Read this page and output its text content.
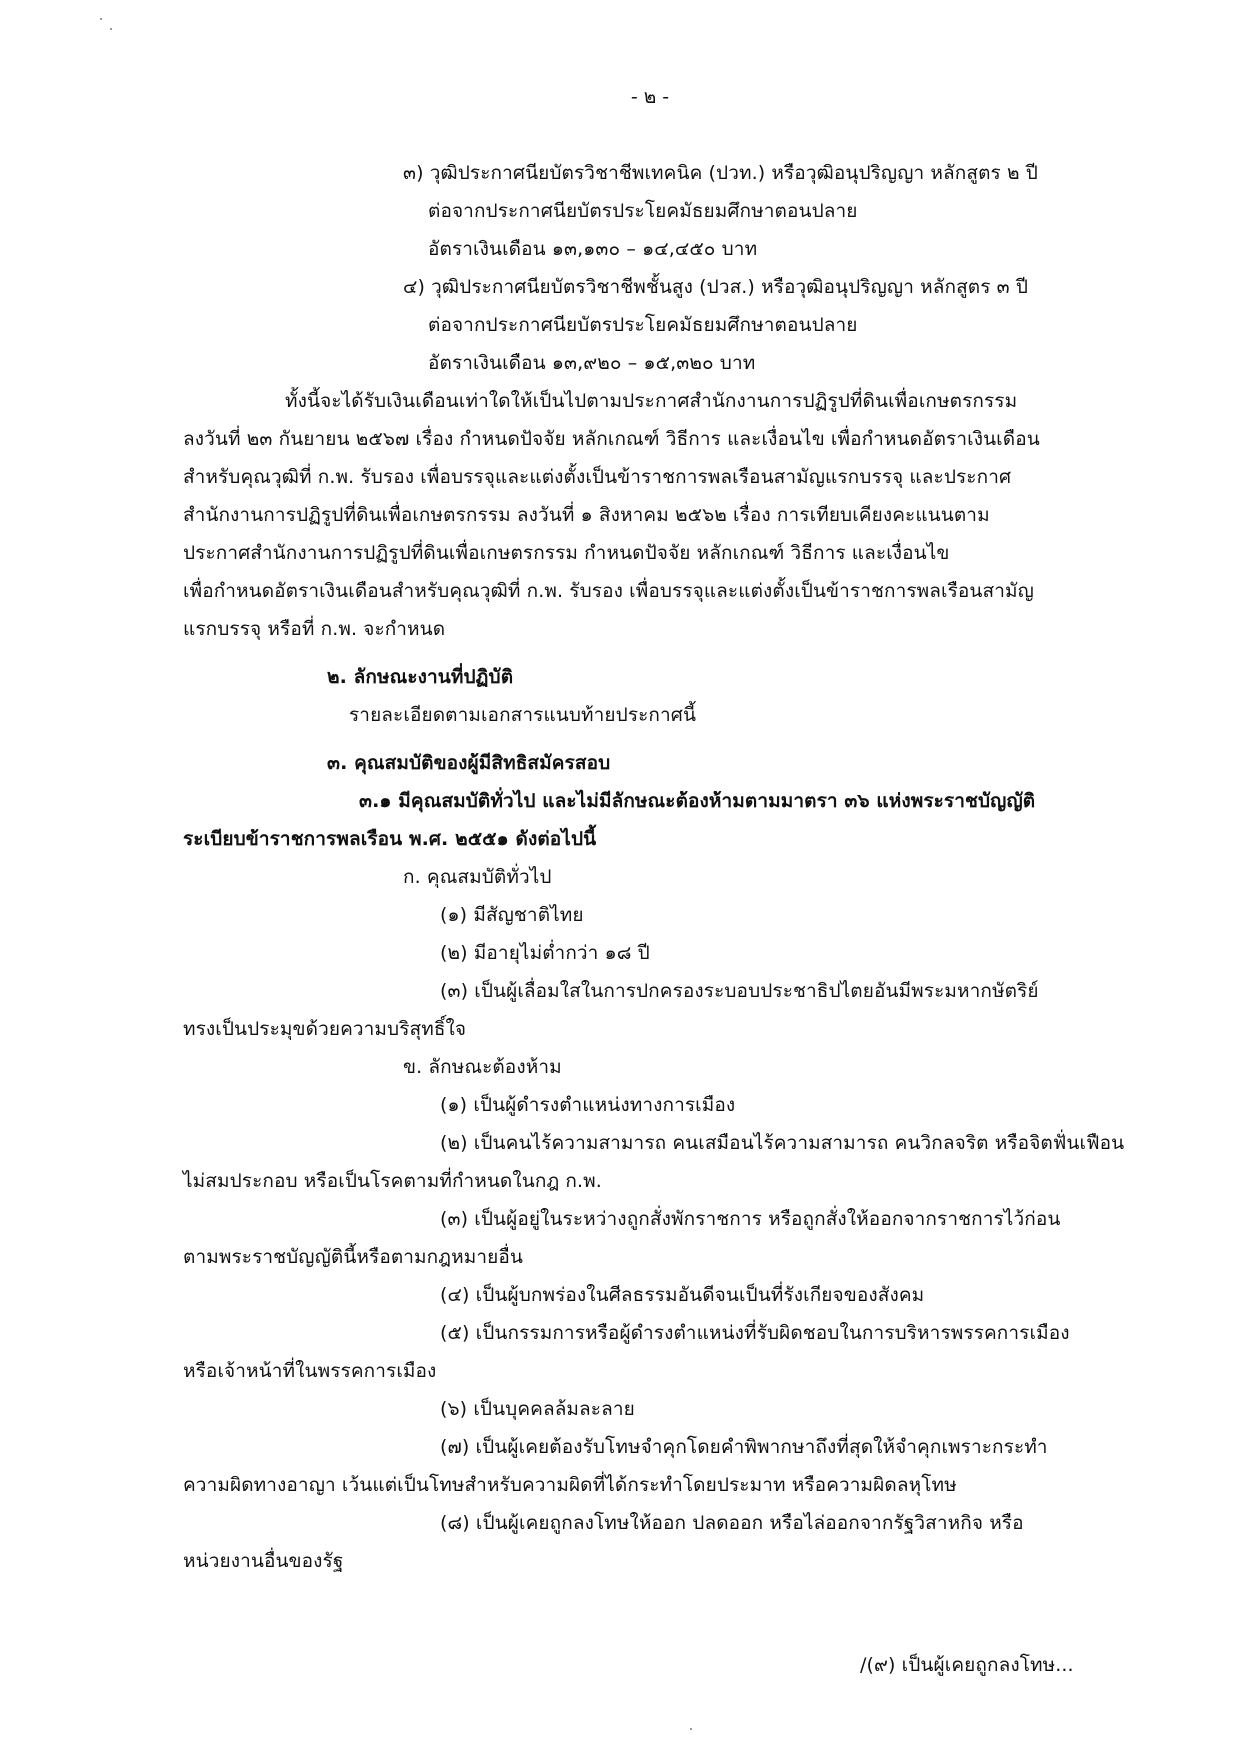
- ๒ -
๓) วุฒิประกาศนียบัตรวิชาชีพเทคนิค (ปวท.) หรือวุฒิอนุปริญญา หลักสูตร ๒ ปี
ต่อจากประกาศนียบัตรประโยคมัธยมศึกษาตอนปลาย
อัตราเงินเดือน ๑๓,๑๓๐ – ๑๔,๔๕๐ บาท
๔) วุฒิประกาศนียบัตรวิชาชีพชั้นสูง (ปวส.) หรือวุฒิอนุปริญญา หลักสูตร ๓ ปี
ต่อจากประกาศนียบัตรประโยคมัธยมศึกษาตอนปลาย
อัตราเงินเดือน ๑๓,๙๒๐ – ๑๕,๓๒๐ บาท
ทั้งนี้จะได้รับเงินเดือนเท่าใดให้เป็นไปตามประกาศสำนักงานการปฏิรูปที่ดินเพื่อเกษตรกรรม
ลงวันที่ ๒๓ กันยายน ๒๕๖๗ เรื่อง กำหนดปัจจัย หลักเกณฑ์ วิธีการ และเงื่อนไข เพื่อกำหนดอัตราเงินเดือน
สำหรับคุณวุฒิที่ ก.พ. รับรอง เพื่อบรรจุและแต่งตั้งเป็นข้าราชการพลเรือนสามัญแรกบรรจุ และประกาศ
สำนักงานการปฏิรูปที่ดินเพื่อเกษตรกรรม ลงวันที่ ๑ สิงหาคม ๒๕๖๒ เรื่อง การเทียบเคียงคะแนนตาม
ประกาศสำนักงานการปฏิรูปที่ดินเพื่อเกษตรกรรม กำหนดปัจจัย หลักเกณฑ์ วิธีการ และเงื่อนไข
เพื่อกำหนดอัตราเงินเดือนสำหรับคุณวุฒิที่ ก.พ. รับรอง เพื่อบรรจุและแต่งตั้งเป็นข้าราชการพลเรือนสามัญ
แรกบรรจุ หรือที่ ก.พ. จะกำหนด
๒. ลักษณะงานที่ปฏิบัติ
รายละเอียดตามเอกสารแนบท้ายประกาศนี้
๓. คุณสมบัติของผู้มีสิทธิสมัครสอบ
๓.๑ มีคุณสมบัติทั่วไป และไม่มีลักษณะต้องห้ามตามมาตรา ๓๖ แห่งพระราชบัญญัติ
ระเบียบข้าราชการพลเรือน พ.ศ. ๒๕๕๑ ดังต่อไปนี้
ก. คุณสมบัติทั่วไป
(๑) มีสัญชาติไทย
(๒) มีอายุไม่ต่ำกว่า ๑๘ ปี
(๓) เป็นผู้เลื่อมใสในการปกครองระบอบประชาธิปไตยอันมีพระมหากษัตริย์
ทรงเป็นประมุขด้วยความบริสุทธิ์ใจ
ข. ลักษณะต้องห้าม
(๑) เป็นผู้ดำรงตำแหน่งทางการเมือง
(๒) เป็นคนไร้ความสามารถ คนเสมือนไร้ความสามารถ คนวิกลจริต หรือจิตฟั่นเฟือน
ไม่สมประกอบ หรือเป็นโรคตามที่กำหนดในกฎ ก.พ.
(๓) เป็นผู้อยู่ในระหว่างถูกสั่งพักราชการ หรือถูกสั่งให้ออกจากราชการไว้ก่อน
ตามพระราชบัญญัตินี้หรือตามกฎหมายอื่น
(๔) เป็นผู้บกพร่องในศีลธรรมอันดีจนเป็นที่รังเกียจของสังคม
(๕) เป็นกรรมการหรือผู้ดำรงตำแหน่งที่รับผิดชอบในการบริหารพรรคการเมือง
หรือเจ้าหน้าที่ในพรรคการเมือง
(๖) เป็นบุคคลล้มละลาย
(๗) เป็นผู้เคยต้องรับโทษจำคุกโดยคำพิพากษาถึงที่สุดให้จำคุกเพราะกระทำ
ความผิดทางอาญา เว้นแต่เป็นโทษสำหรับความผิดที่ได้กระทำโดยประมาท หรือความผิดลหุโทษ
(๘) เป็นผู้เคยถูกลงโทษให้ออก ปลดออก หรือไล่ออกจากรัฐวิสาหกิจ หรือ
หน่วยงานอื่นของรัฐ
/(๙) เป็นผู้เคยถูกลงโทษ...
